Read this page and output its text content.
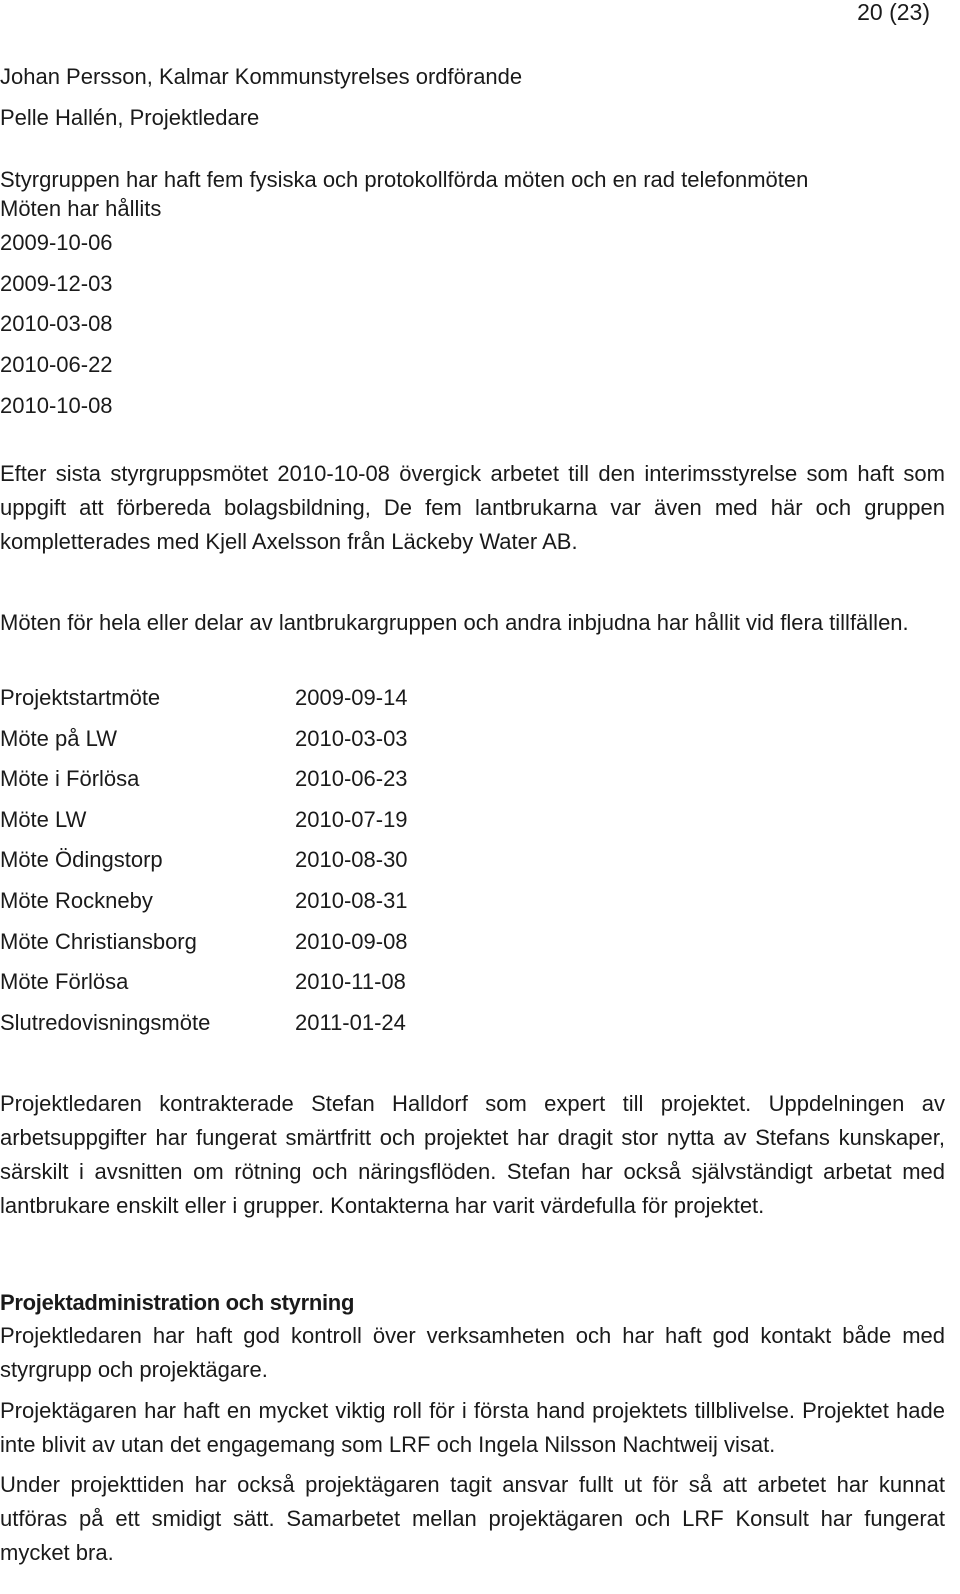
20 (23)
Johan Persson, Kalmar Kommunstyrelses ordförande
Pelle Hallén, Projektledare
Styrgruppen har haft fem fysiska och protokollförda möten och en rad telefonmöten
Möten har hållits
2009-10-06
2009-12-03
2010-03-08
2010-06-22
2010-10-08

Efter sista styrgruppsmötet 2010-10-08 övergick arbetet till den interimsstyrelse som haft som uppgift att förbereda bolagsbildning, De fem lantbrukarna var även med här och gruppen kompletterades med Kjell Axelsson från Läckeby Water AB.

Möten för hela eller delar av lantbrukargruppen och andra inbjudna har hållit vid flera tillfällen.

Projektstartmöte	2009-09-14
Möte på LW	2010-03-03
Möte i Förlösa	2010-06-23
Möte LW	2010-07-19
Möte Ödingstorp	2010-08-30
Möte Rockneby	2010-08-31
Möte Christiansborg	2010-09-08
Möte Förlösa	2010-11-08
Slutredovisningsmöte	2011-01-24

Projektledaren kontrakterade Stefan Halldorf som expert till projektet. Uppdelningen av arbetsuppgifter har fungerat smärtfritt och projektet har dragit stor nytta av Stefans kunskaper, särskilt i avsnitten om rötning och näringsflöden. Stefan har också självständigt arbetat med lantbrukare enskilt eller i grupper. Kontakterna har varit värdefulla för projektet.

Projektadministration och styrning

Projektledaren har haft god kontroll över verksamheten och har haft god kontakt både med styrgrupp och projektägare.

Projektägaren har haft en mycket viktig roll för i första hand projektets tillblivelse. Projektet hade inte blivit av utan det engagemang som LRF och Ingela Nilsson Nachtweij visat.

Under projekttiden har också projektägaren tagit ansvar fullt ut för så att arbetet har kunnat utföras på ett smidigt sätt. Samarbetet mellan projektägaren och LRF Konsult har fungerat mycket bra.
